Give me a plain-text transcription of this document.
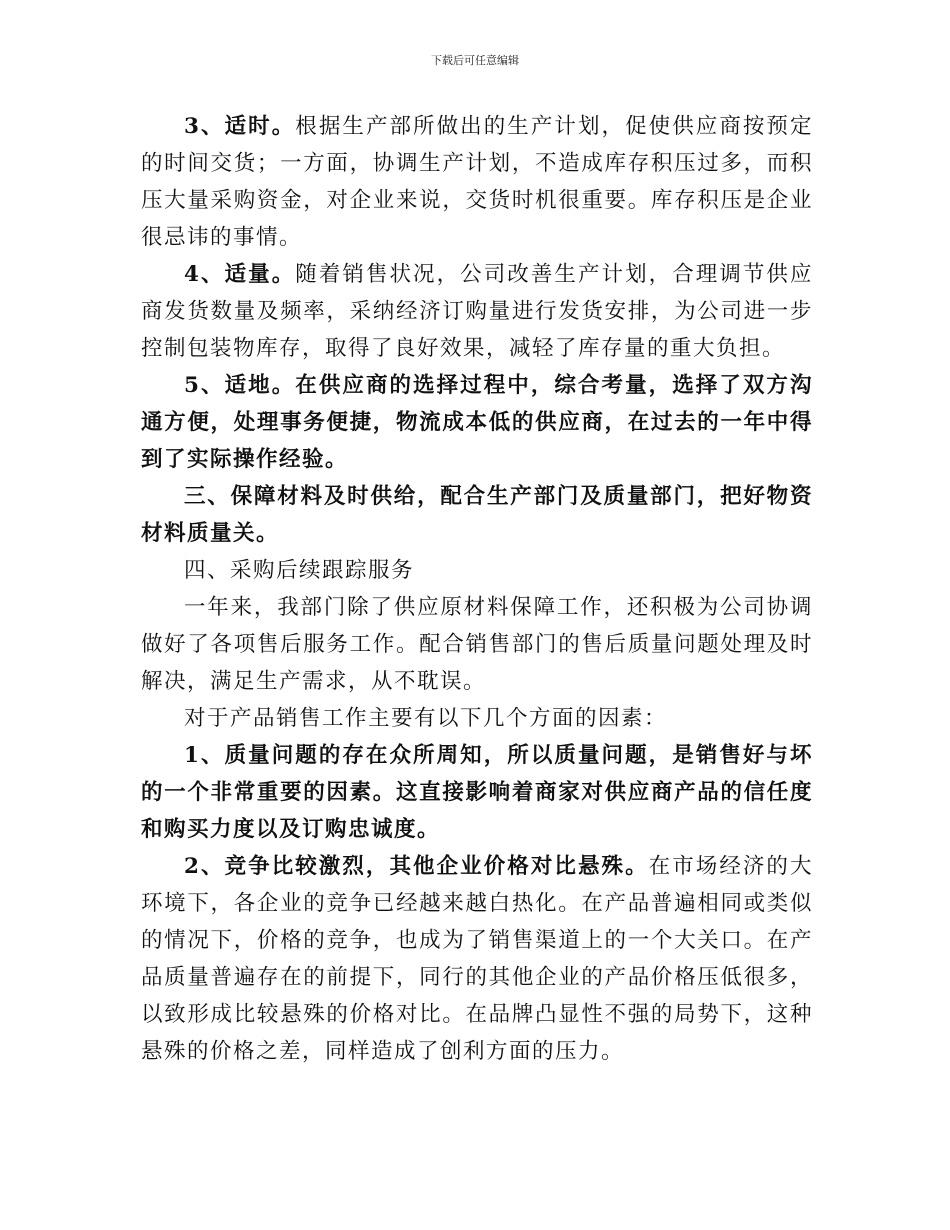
下载后可任意编辑

3、适时。根据生产部所做出的生产计划，促使供应商按预定的时间交货；一方面，协调生产计划，不造成库存积压过多，而积压大量采购资金，对企业来说，交货时机很重要。库存积压是企业很忌讳的事情。

4、适量。随着销售状况，公司改善生产计划，合理调节供应商发货数量及频率，采纳经济订购量进行发货安排，为公司进一步控制包装物库存，取得了良好效果，减轻了库存量的重大负担。

5、适地。在供应商的选择过程中，综合考量，选择了双方沟通方便，处理事务便捷，物流成本低的供应商，在过去的一年中得到了实际操作经验。

三、保障材料及时供给，配合生产部门及质量部门，把好物资材料质量关。

四、采购后续跟踪服务

一年来，我部门除了供应原材料保障工作，还积极为公司协调做好了各项售后服务工作。配合销售部门的售后质量问题处理及时解决，满足生产需求，从不耽误。

对于产品销售工作主要有以下几个方面的因素：

1、质量问题的存在众所周知，所以质量问题，是销售好与坏的一个非常重要的因素。这直接影响着商家对供应商产品的信任度和购买力度以及订购忠诚度。

2、竞争比较激烈，其他企业价格对比悬殊。在市场经济的大环境下，各企业的竞争已经越来越白热化。在产品普遍相同或类似的情况下，价格的竞争，也成为了销售渠道上的一个大关口。在产品质量普遍存在的前提下，同行的其他企业的产品价格压低很多，以致形成比较悬殊的价格对比。在品牌凸显性不强的局势下，这种悬殊的价格之差，同样造成了创利方面的压力。
